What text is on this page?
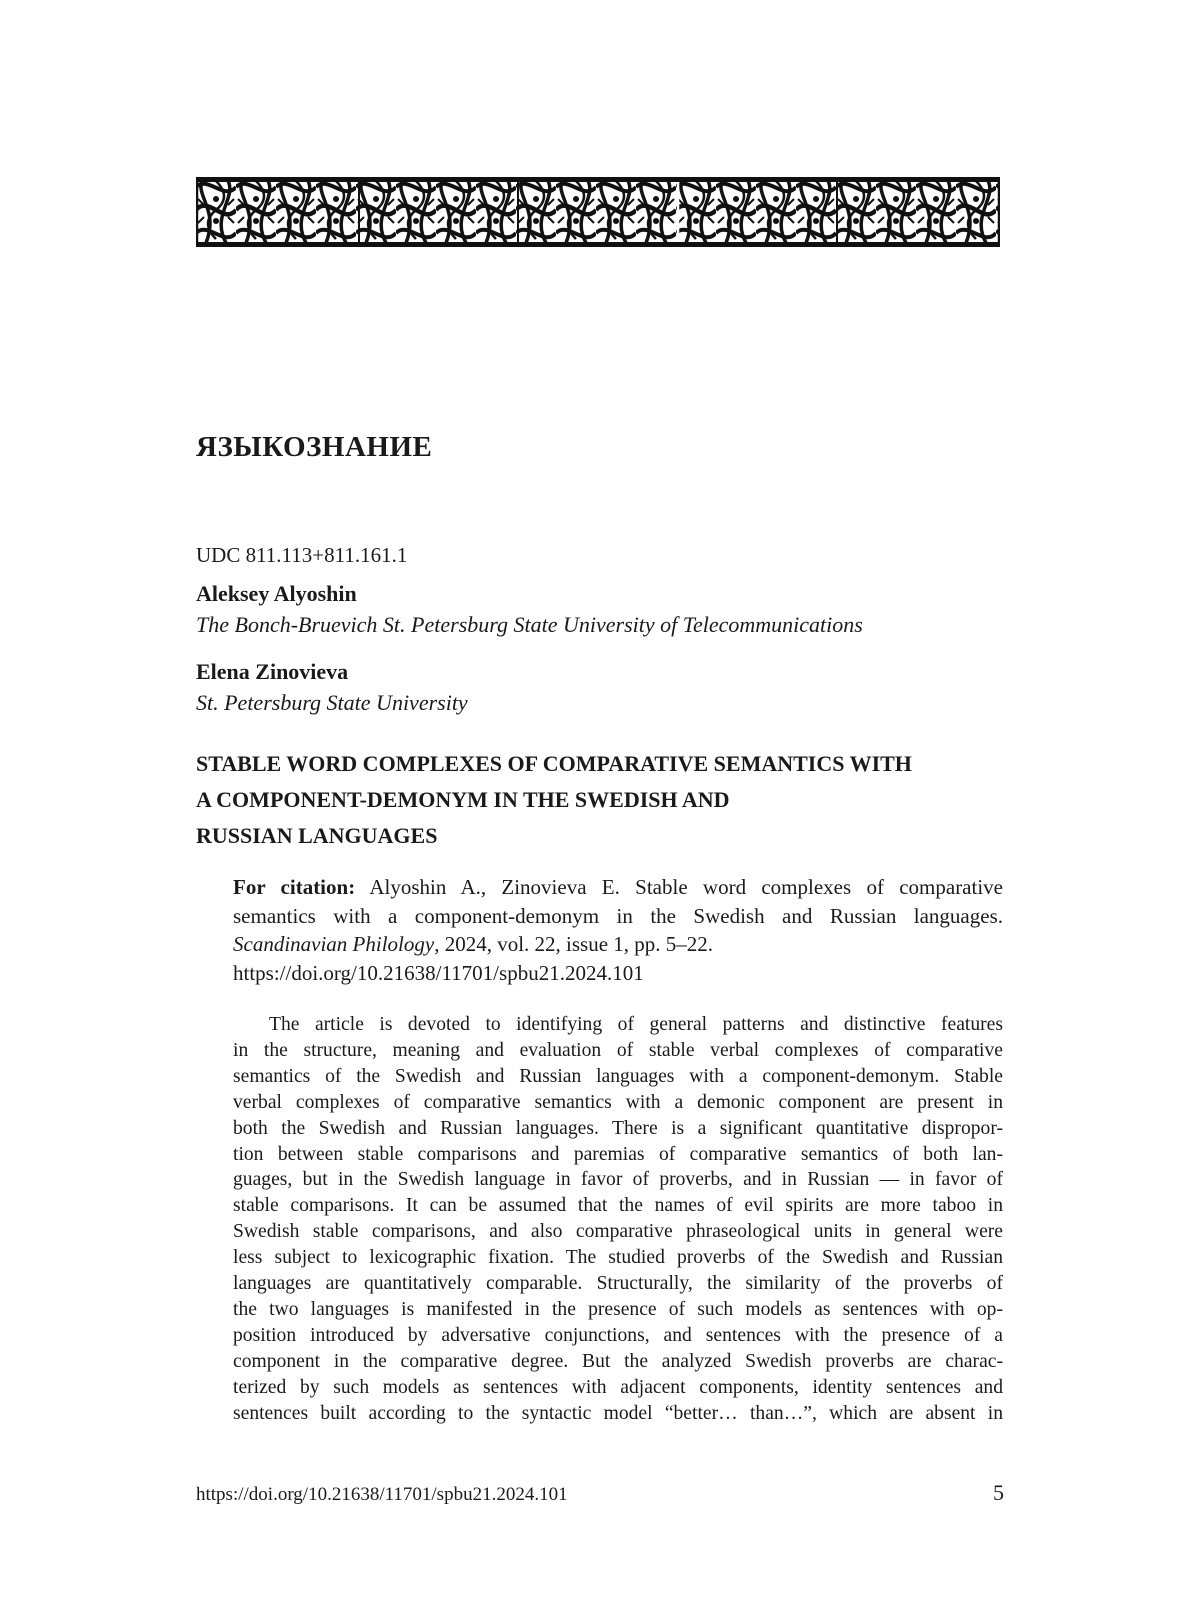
ЯЗЫКОЗНАНИЕ

UDC 811.113+811.161.1

Aleksey Alyoshin

The Bonch-Bruevich St. Petersburg State University of Telecommunications

Elena Zinovieva

St. Petersburg State University

STABLE WORD COMPLEXES OF COMPARATIVE SEMANTICS WITH
A COMPONENT-DEMONYM IN THE SWEDISH AND
RUSSIAN LANGUAGES
For citation: Alyoshin A., Zinovieva E. Stable word complexes of comparative
semantics with a component-demonym in the Swedish and Russian languages.
Scandinavian Philology, 2024, vol. 22, issue 1, pp. 5–22.
https://doi.org/10.21638/11701/spbu21.2024.101
The article is devoted to identifying of general patterns and distinctive features
in the structure, meaning and evaluation of stable verbal complexes of comparative
semantics of the Swedish and Russian languages with a component-demonym. Stable
verbal complexes of comparative semantics with a demonic component are present in
both the Swedish and Russian languages. There is a significant quantitative dispropor-
tion between stable comparisons and paremias of comparative semantics of both lan-
guages, but in the Swedish language in favor of proverbs, and in Russian — in favor of
stable comparisons. It can be assumed that the names of evil spirits are more taboo in
Swedish stable comparisons, and also comparative phraseological units in general were
less subject to lexicographic fixation. The studied proverbs of the Swedish and Russian
languages are quantitatively comparable. Structurally, the similarity of the proverbs of
the two languages is manifested in the presence of such models as sentences with op-
position introduced by adversative conjunctions, and sentences with the presence of a
component in the comparative degree. But the analyzed Swedish proverbs are charac-
terized by such models as sentences with adjacent components, identity sentences and
sentences built according to the syntactic model “better… than…”, which are absent in

https://doi.org/10.21638/11701/spbu21.2024.101	5
